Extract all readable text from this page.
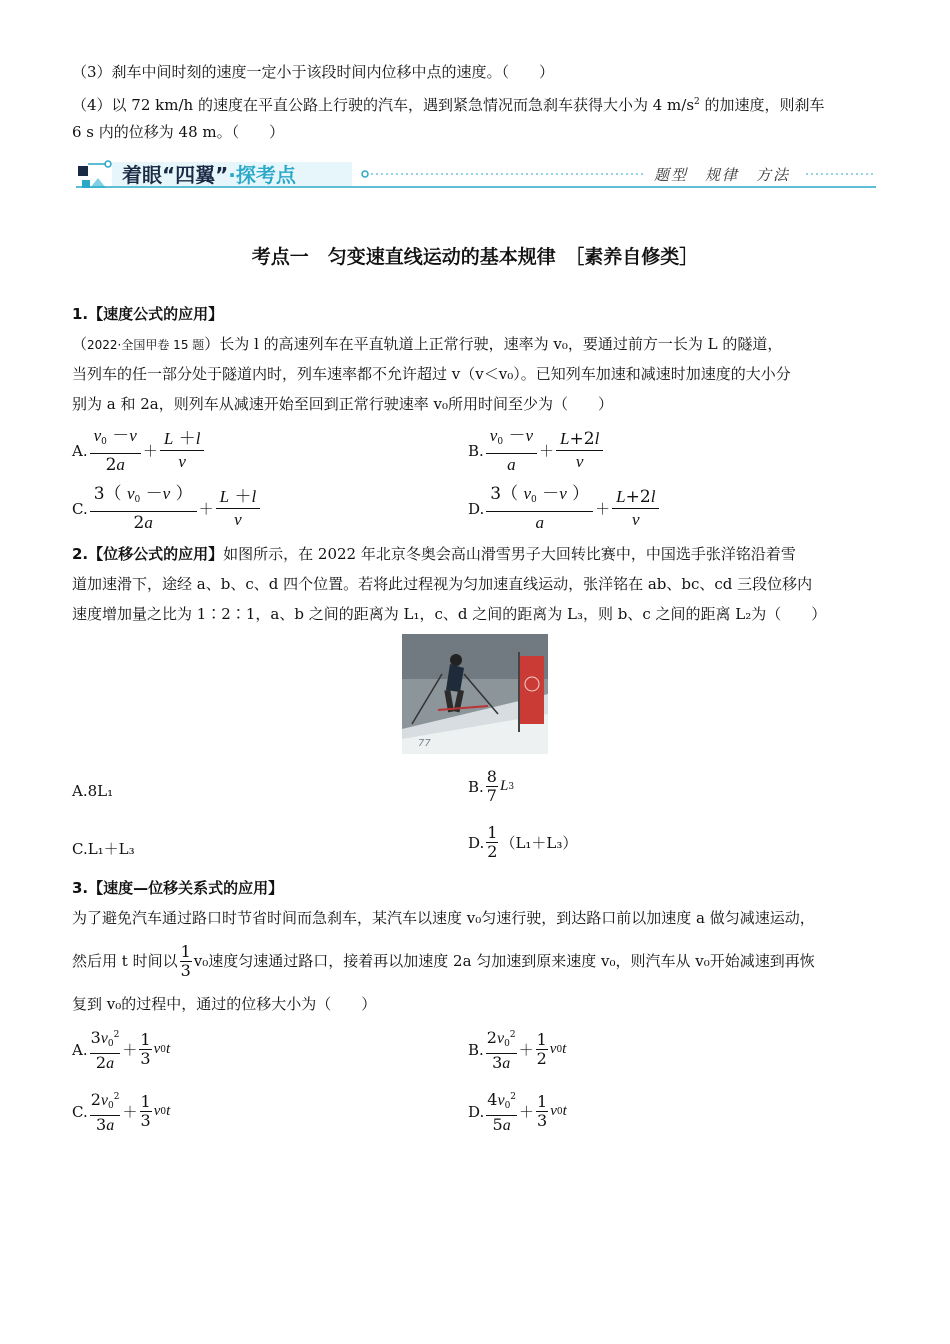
（3）刹车中间时刻的速度一定小于该段时间内位移中点的速度。（　　）
（4）以 72 km/h 的速度在平直公路上行驶的汽车，遇到紧急情况而急刹车获得大小为 4 $m/s^2$ 的加速度，则刹车
6 s 内的位移为 48 m。（　　）
着眼“四翼”·探考点	题型　规律　方法
考点一　匀变速直线运动的基本规律　［素养自修类］
1.【速度公式的应用】
（2022·全国甲卷 15 题）长为 l 的高速列车在平直轨道上正常行驶，速率为 v₀，要通过前方一长为 L 的隧道，
当列车的任一部分处于隧道内时，列车速率都不允许超过 v（v＜v₀）。已知列车加速和减速时加速度的大小分
别为 a 和 2a，则列车从减速开始至回到正常行驶速率 v₀所用时间至少为（　　）
A. $\frac{v_0 -v}{2a} + \frac{L +l}{v}$	B. $\frac{v_0 -v}{a} + \frac{L+2l}{v}$
C. $\frac{3( v_0 -v )}{2a} + \frac{L +l}{v}$	D. $\frac{3( v_0 -v )}{a} + \frac{L+2l}{v}$
2.【位移公式的应用】如图所示，在 2022 年北京冬奥会高山滑雪男子大回转比赛中，中国选手张洋铭沿着雪
道加速滑下，途经 a、b、c、d 四个位置。若将此过程视为匀加速直线运动，张洋铭在 ab、bc、cd 三段位移内
速度增加量之比为 1∶2∶1，a、b 之间的距离为 L₁，c、d 之间的距离为 L₃，则 b、c 之间的距离 L₂为（　　）
77
A.8L₁	B. $\frac{8}{7}$ L 3
C.L₁＋L₃	D. $\frac{1}{2} (L_1+L_3)$
3.【速度—位移关系式的应用】
为了避免汽车通过路口时节省时间而急刹车，某汽车以速度 v₀匀速行驶，到达路口前以加速度 a 做匀减速运动，
然后用 t 时间以 $\frac{1}{3} v_0$速度匀速通过路口，接着再以加速度 2a 匀加速到原来速度 v₀，则汽车从 v₀开始减速到再恢
复到 v₀的过程中，通过的位移大小为（　　）
A. $\frac{3v_0^2}{2a} + \frac{1}{3}$ v 0 t	B. $\frac{2v_0^2}{3a} + \frac{1}{2}$ v 0 t
C. $\frac{2v_0^2}{3a} + \frac{1}{3}$ v 0 t	D. $\frac{4v_0^2}{5a} + \frac{1}{3}$ v 0 t
